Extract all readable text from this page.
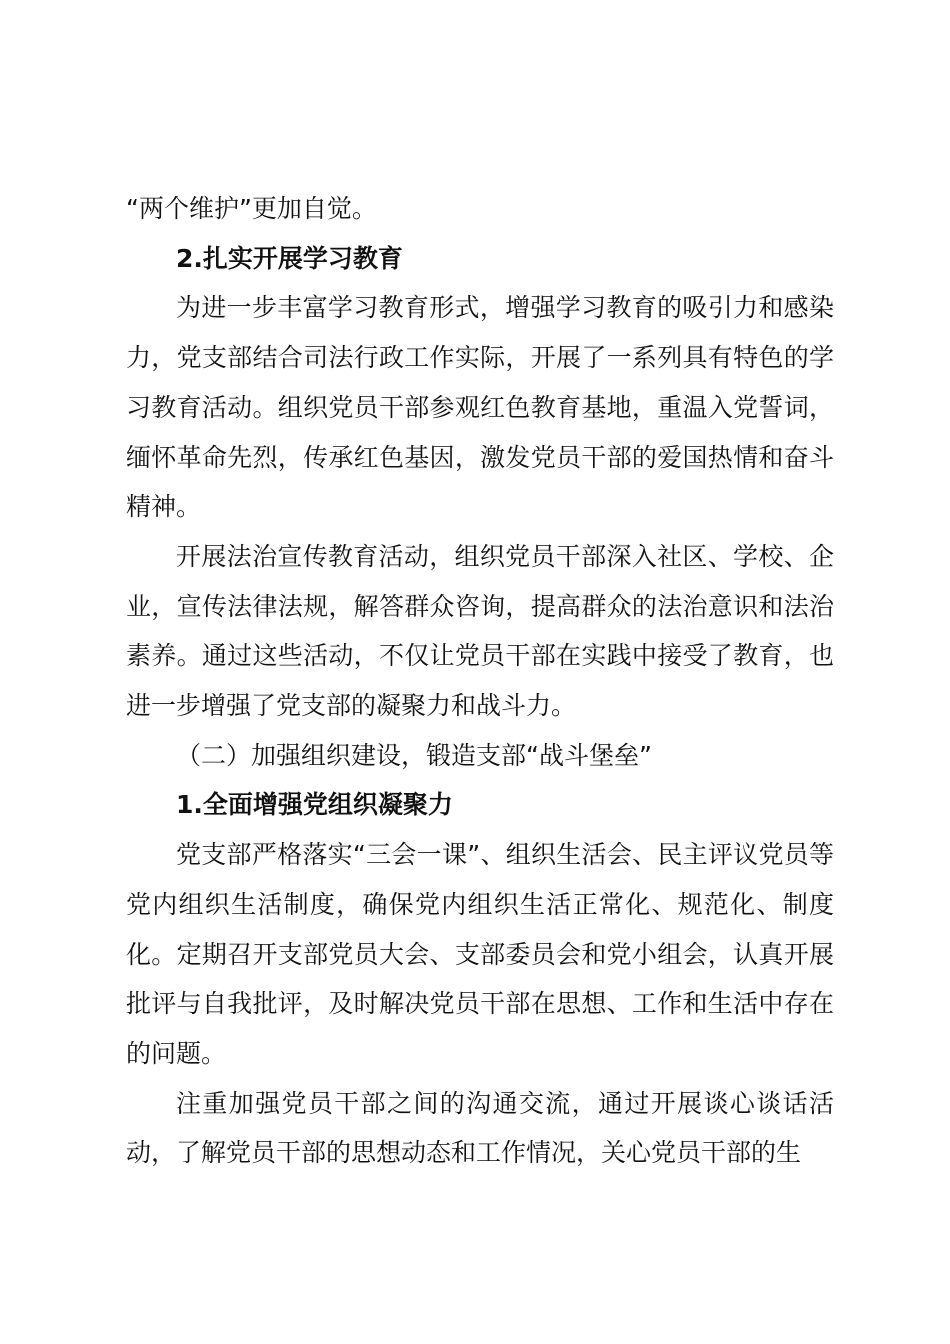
“两个维护”更加自觉。

2.扎实开展学习教育

为进一步丰富学习教育形式，增强学习教育的吸引力和感染力，党支部结合司法行政工作实际，开展了一系列具有特色的学习教育活动。组织党员干部参观红色教育基地，重温入党誓词，缅怀革命先烈，传承红色基因，激发党员干部的爱国热情和奋斗精神。

开展法治宣传教育活动，组织党员干部深入社区、学校、企业，宣传法律法规，解答群众咨询，提高群众的法治意识和法治素养。通过这些活动，不仅让党员干部在实践中接受了教育，也进一步增强了党支部的凝聚力和战斗力。

（二）加强组织建设，锻造支部“战斗堡垒”

1.全面增强党组织凝聚力

党支部严格落实“三会一课”、组织生活会、民主评议党员等党内组织生活制度，确保党内组织生活正常化、规范化、制度化。定期召开支部党员大会、支部委员会和党小组会，认真开展批评与自我批评，及时解决党员干部在思想、工作和生活中存在的问题。

注重加强党员干部之间的沟通交流，通过开展谈心谈话活动，了解党员干部的思想动态和工作情况，关心党员干部的生
